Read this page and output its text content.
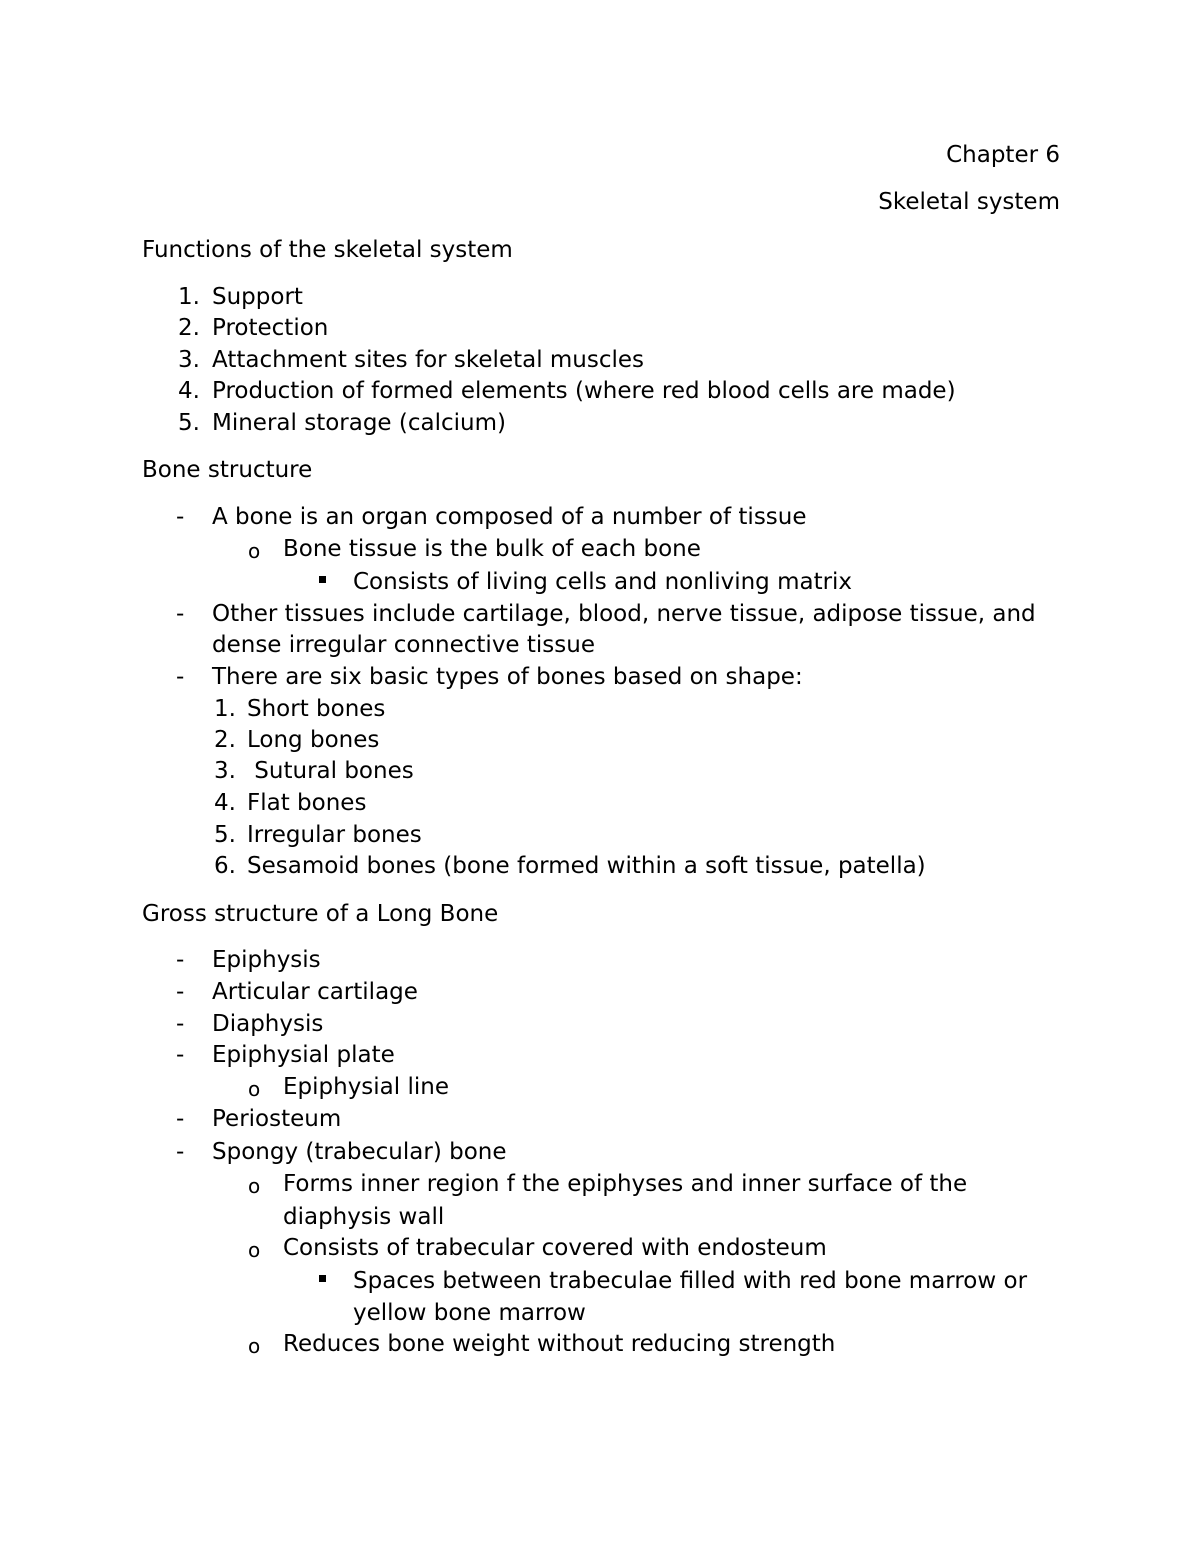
Chapter 6
Skeletal system
Functions of the skeletal system
1. Support
2. Protection
3. Attachment sites for skeletal muscles
4. Production of formed elements (where red blood cells are made)
5. Mineral storage (calcium)
Bone structure
- A bone is an organ composed of a number of tissue
o Bone tissue is the bulk of each bone
Consists of living cells and nonliving matrix
- Other tissues include cartilage, blood, nerve tissue, adipose tissue, and
dense irregular connective tissue
- There are six basic types of bones based on shape:
1. Short bones
2. Long bones
3. Sutural bones
4. Flat bones
5. Irregular bones
6. Sesamoid bones (bone formed within a soft tissue, patella)
Gross structure of a Long Bone
- Epiphysis
- Articular cartilage
- Diaphysis
- Epiphysial plate
o Epiphysial line
- Periosteum
- Spongy (trabecular) bone
o Forms inner region f the epiphyses and inner surface of the
diaphysis wall
o Consists of trabecular covered with endosteum
Spaces between trabeculae filled with red bone marrow or
yellow bone marrow
o Reduces bone weight without reducing strength
